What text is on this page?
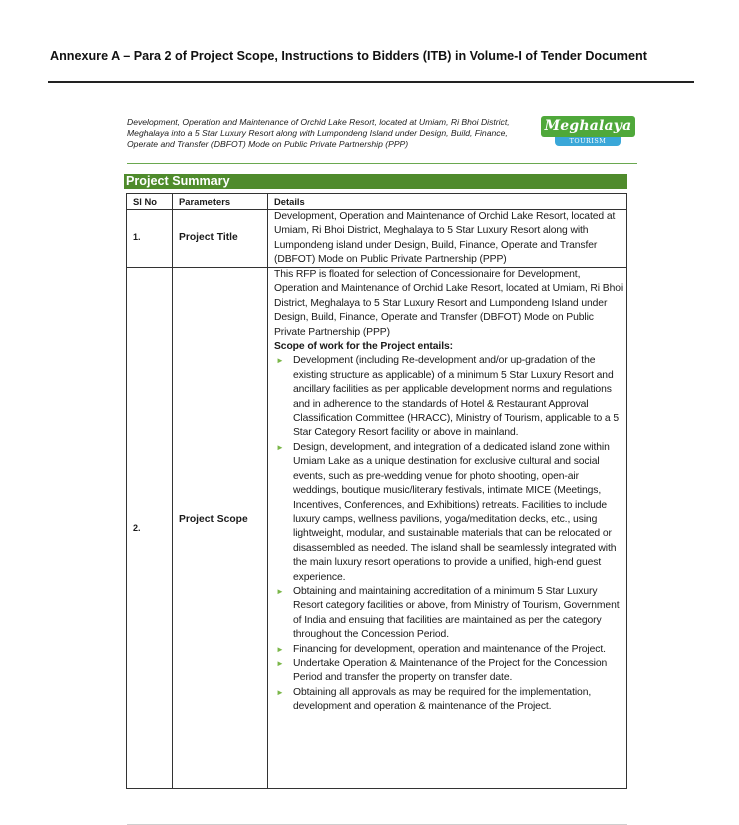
Annexure A – Para 2 of Project Scope, Instructions to Bidders (ITB) in Volume-I of Tender Document
Development, Operation and Maintenance of Orchid Lake Resort, located at Umiam, Ri Bhoi District, Meghalaya into a 5 Star Luxury Resort along with Lumpondeng Island under Design, Build, Finance, Operate and Transfer (DBFOT) Mode on Public Private Partnership (PPP)
Meghalaya
TOURISM
Project Summary
Sl No Parameters	Details
1.	Project Title
Development, Operation and Maintenance of Orchid Lake Resort, located at Umiam, Ri Bhoi District, Meghalaya to 5 Star Luxury Resort along with Lumpondeng island under Design, Build, Finance, Operate and Transfer (DBFOT) Mode on Public Private Partnership (PPP)
2.
Project Scope
This RFP is floated for selection of Concessionaire for Development, Operation and Maintenance of Orchid Lake Resort, located at Umiam, Ri Bhoi District, Meghalaya to 5 Star Luxury Resort and Lumpondeng Island under Design, Build, Finance, Operate and Transfer (DBFOT) Mode on Public Private Partnership (PPP)
Scope of work for the Project entails:
► Development (including Re-development and/or up-gradation of the existing structure as applicable) of a minimum 5 Star Luxury Resort and ancillary facilities as per applicable development norms and regulations and in adherence to the standards of Hotel & Restaurant Approval Classification Committee (HRACC), Ministry of Tourism, applicable to a 5 Star Category Resort facility or above in mainland.
► Design, development, and integration of a dedicated island zone within Umiam Lake as a unique destination for exclusive cultural and social events, such as pre-wedding venue for photo shooting, open-air weddings, boutique music/literary festivals, intimate MICE (Meetings, Incentives, Conferences, and Exhibitions) retreats. Facilities to include luxury camps, wellness pavilions, yoga/meditation decks, etc., using lightweight, modular, and sustainable materials that can be relocated or disassembled as needed. The island shall be seamlessly integrated with the main luxury resort operations to provide a unified, high-end guest experience.
► Obtaining and maintaining accreditation of a minimum 5 Star Luxury Resort category facilities or above, from Ministry of Tourism, Government of India and ensuing that facilities are maintained as per the category throughout the Concession Period.
► Financing for development, operation and maintenance of the Project.
► Undertake Operation & Maintenance of the Project for the Concession Period and transfer the property on transfer date.
► Obtaining all approvals as may be required for the implementation, development and operation & maintenance of the Project.
